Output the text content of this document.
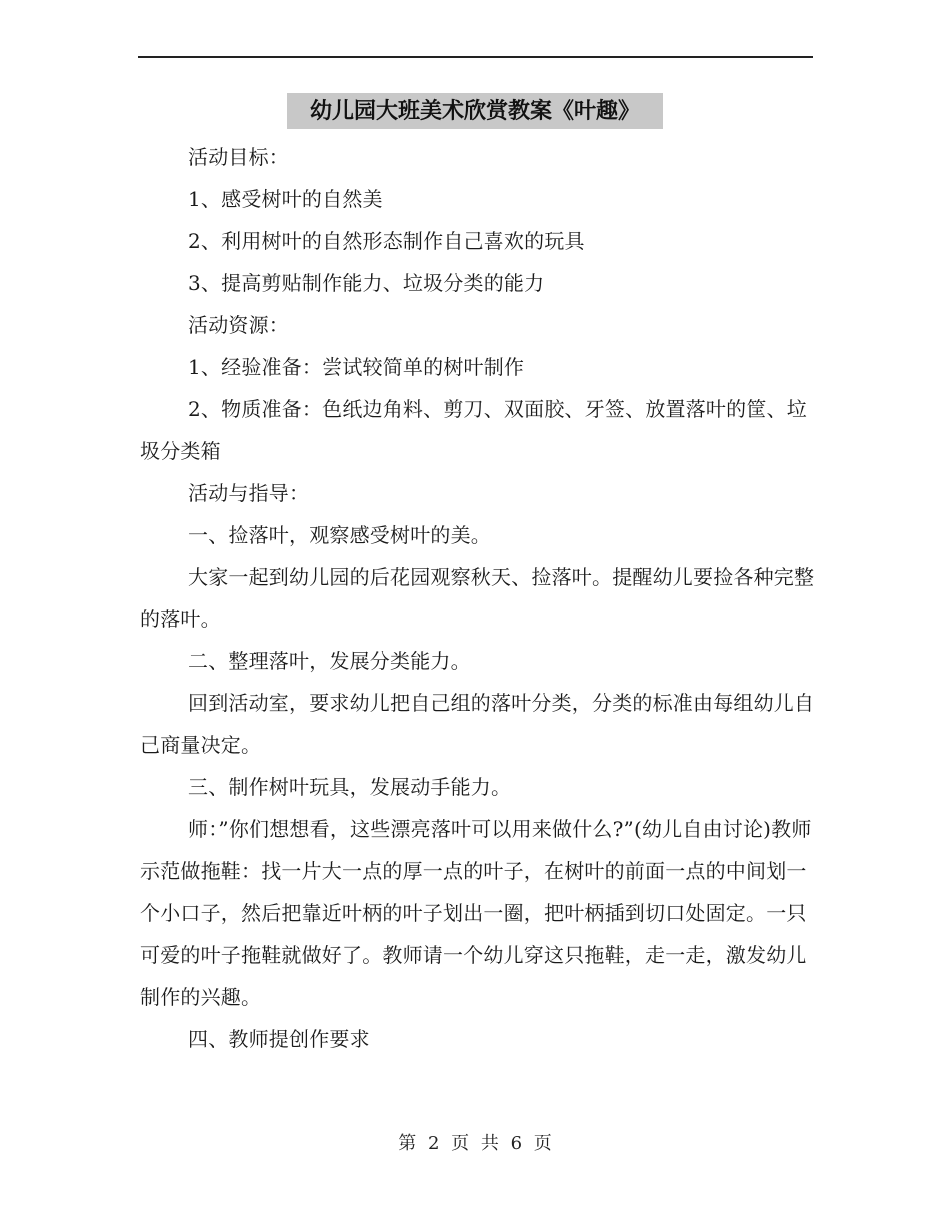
幼儿园大班美术欣赏教案《叶趣》

活动目标：

1、感受树叶的自然美

2、利用树叶的自然形态制作自己喜欢的玩具

3、提高剪贴制作能力、垃圾分类的能力

活动资源：

1、经验准备：尝试较简单的树叶制作

2、物质准备：色纸边角料、剪刀、双面胶、牙签、放置落叶的筐、垃圾分类箱

活动与指导：

一、捡落叶，观察感受树叶的美。

大家一起到幼儿园的后花园观察秋天、捡落叶。提醒幼儿要捡各种完整的落叶。

二、整理落叶，发展分类能力。

回到活动室，要求幼儿把自己组的落叶分类，分类的标准由每组幼儿自己商量决定。

三、制作树叶玩具，发展动手能力。

师：”你们想想看，这些漂亮落叶可以用来做什么?”(幼儿自由讨论)教师示范做拖鞋：找一片大一点的厚一点的叶子，在树叶的前面一点的中间划一个小口子，然后把靠近叶柄的叶子划出一圈，把叶柄插到切口处固定。一只可爱的叶子拖鞋就做好了。教师请一个幼儿穿这只拖鞋，走一走，激发幼儿制作的兴趣。

四、教师提创作要求

第 2 页 共 6 页
